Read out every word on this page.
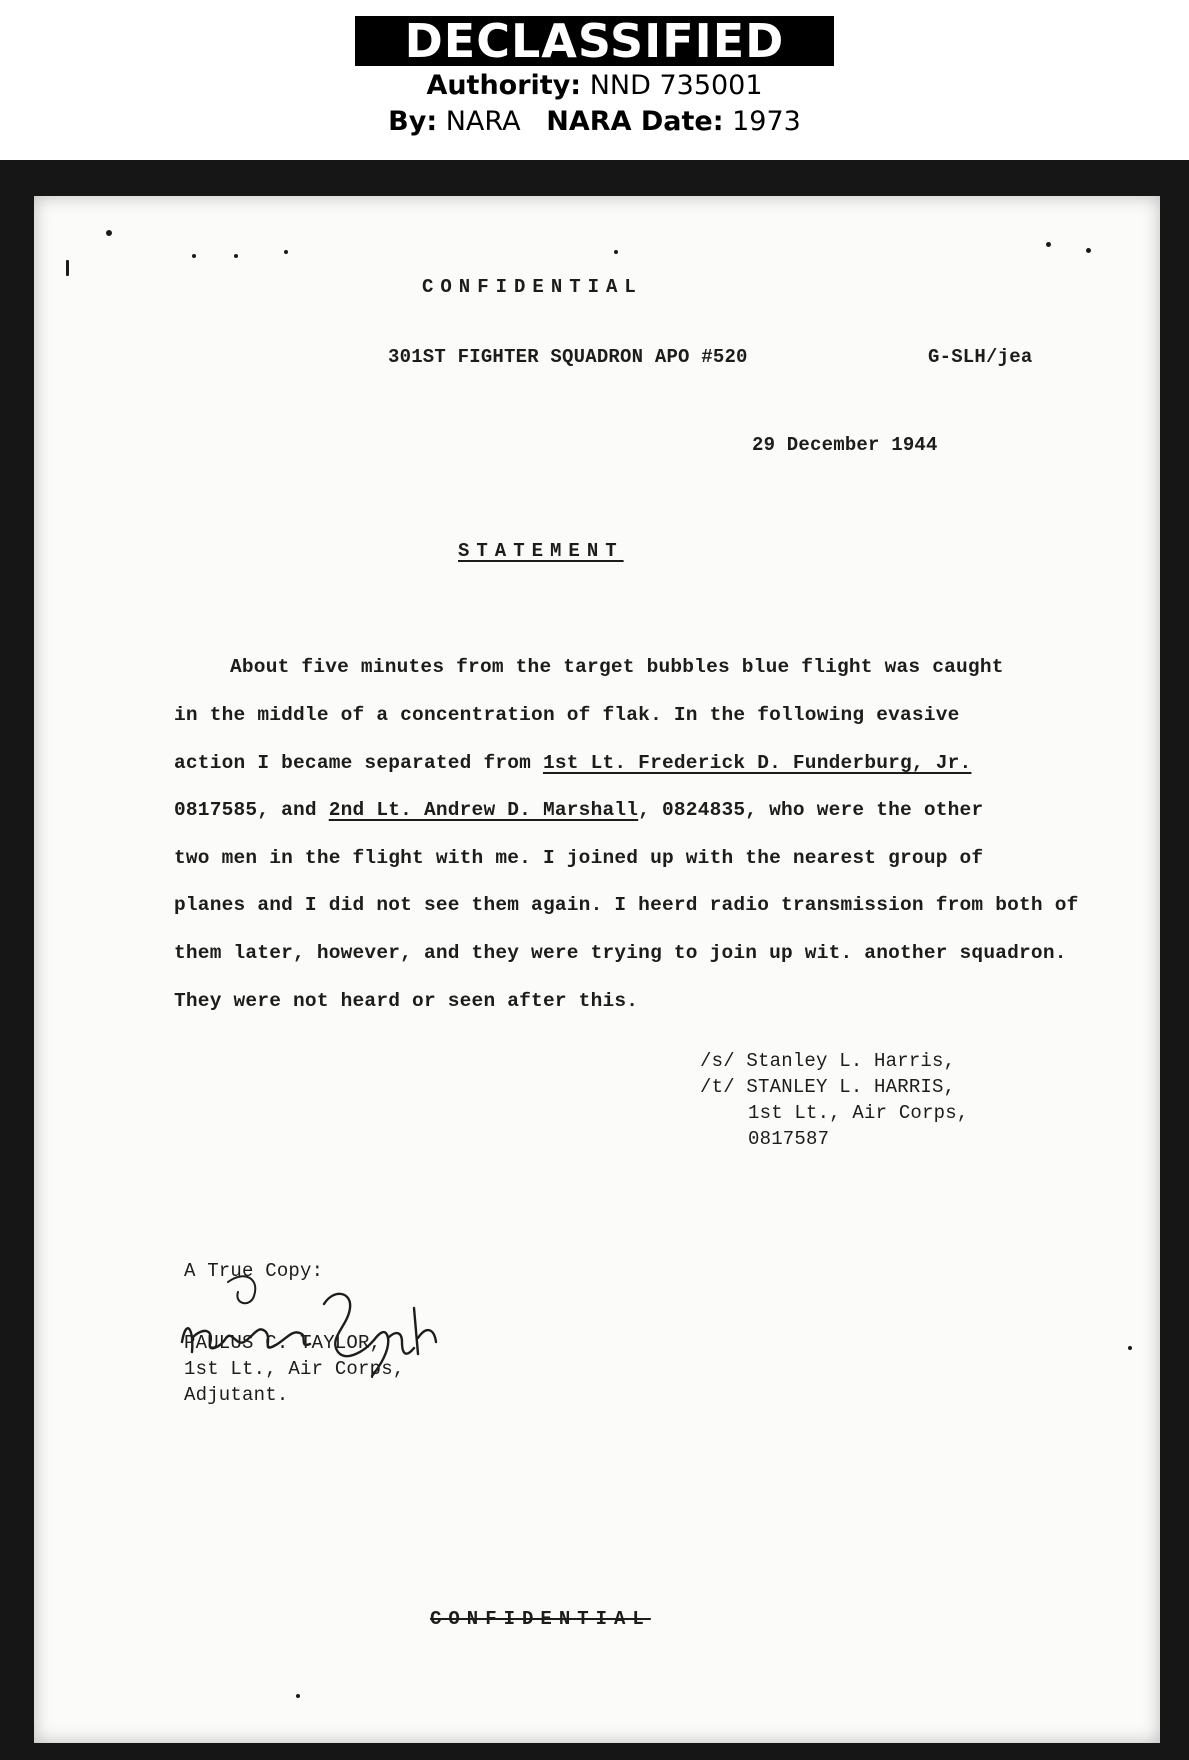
DECLASSIFIED
Authority: NND 735001
By: NARA NARA Date: 1973
CONFIDENTIAL
301ST FIGHTER SQUADRON APO #520	G-SLH/jea
29 December 1944
STATEMENT
About five minutes from the target bubbles blue flight was caught
in the middle of a concentration of flak. In the following evasive
action I became separated from 1st Lt. Frederick D. Funderburg, Jr.
0817585, and 2nd Lt. Andrew D. Marshall, 0824835, who were the other
two men in the flight with me. I joined up with the nearest group of
planes and I did not see them again. I heerd radio transmission from both of
them later, however, and they were trying to join up wit. another squadron.
They were not heard or seen after this.
/s/ Stanley L. Harris,
/t/ STANLEY L. HARRIS,
1st Lt., Air Corps,
0817587
A True Copy:
PAULUS C. TAYLOR,
1st Lt., Air Corps,
Adjutant.
CONFIDENTIAL
